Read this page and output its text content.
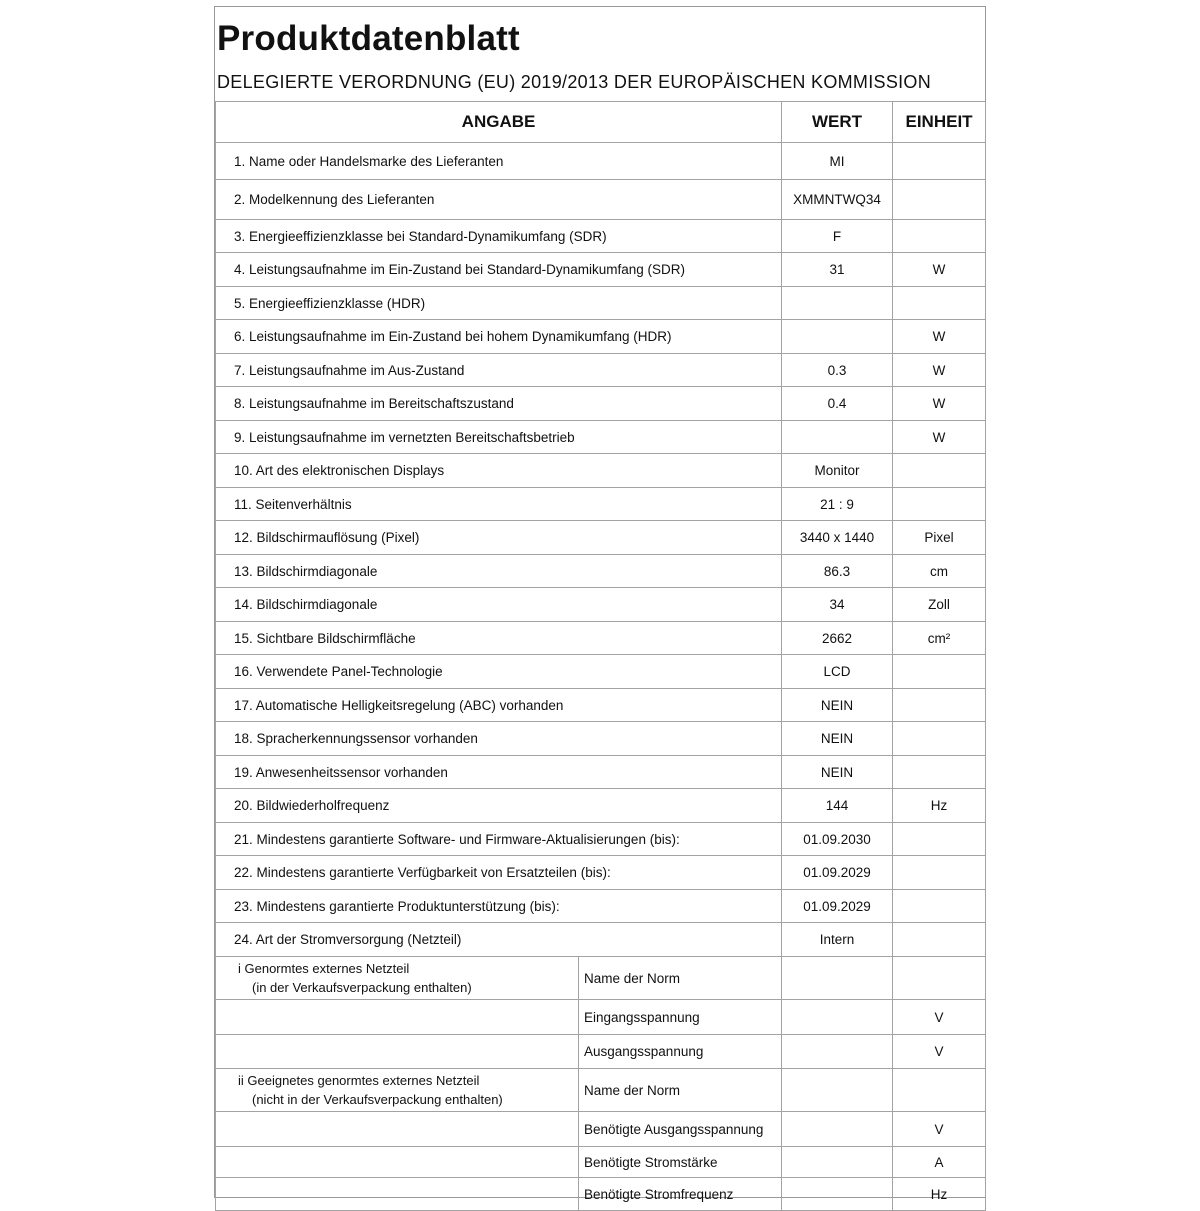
Produktdatenblatt

DELEGIERTE VERORDNUNG (EU) 2019/2013 DER EUROPÄISCHEN KOMMISSION

ANGABE		WERT	EINHEIT
1. Name oder Handelsmarke des Lieferanten		MI	
2. Modelkennung des Lieferanten		XMMNTWQ34	
3. Energieeffizienzklasse bei Standard-Dynamikumfang (SDR)		F	
4. Leistungsaufnahme im Ein-Zustand bei Standard-Dynamikumfang (SDR)		31	W
5. Energieeffizienzklasse (HDR)			
6. Leistungsaufnahme im Ein-Zustand bei hohem Dynamikumfang (HDR)			W
7. Leistungsaufnahme im Aus-Zustand		0.3	W
8. Leistungsaufnahme im Bereitschaftszustand		0.4	W
9. Leistungsaufnahme im vernetzten Bereitschaftsbetrieb			W
10. Art des elektronischen Displays		Monitor	
11. Seitenverhältnis		21 : 9	
12. Bildschirmauflösung (Pixel)		3440 x 1440	Pixel
13. Bildschirmdiagonale		86.3	cm
14. Bildschirmdiagonale		34	Zoll
15. Sichtbare Bildschirmfläche		2662	cm²
16. Verwendete Panel-Technologie		LCD	
17. Automatische Helligkeitsregelung (ABC) vorhanden		NEIN	
18. Spracherkennungssensor vorhanden		NEIN	
19. Anwesenheitssensor vorhanden		NEIN	
20. Bildwiederholfrequenz		144	Hz
21. Mindestens garantierte Software- und Firmware-Aktualisierungen (bis):		01.09.2030	
22. Mindestens garantierte Verfügbarkeit von Ersatzteilen (bis):		01.09.2029	
23. Mindestens garantierte Produktunterstützung (bis):		01.09.2029	
24. Art der Stromversorgung (Netzteil)		Intern	

i Genormtes externes Netzteil
(in der Verkaufsverpackung enthalten)	Name der Norm		
	Eingangsspannung		V
	Ausgangsspannung		V

ii Geeignetes genormtes externes Netzteil
(nicht in der Verkaufsverpackung enthalten)	Name der Norm		
	Benötigte Ausgangsspannung		V
	Benötigte Stromstärke		A
	Benötigte Stromfrequenz		Hz
